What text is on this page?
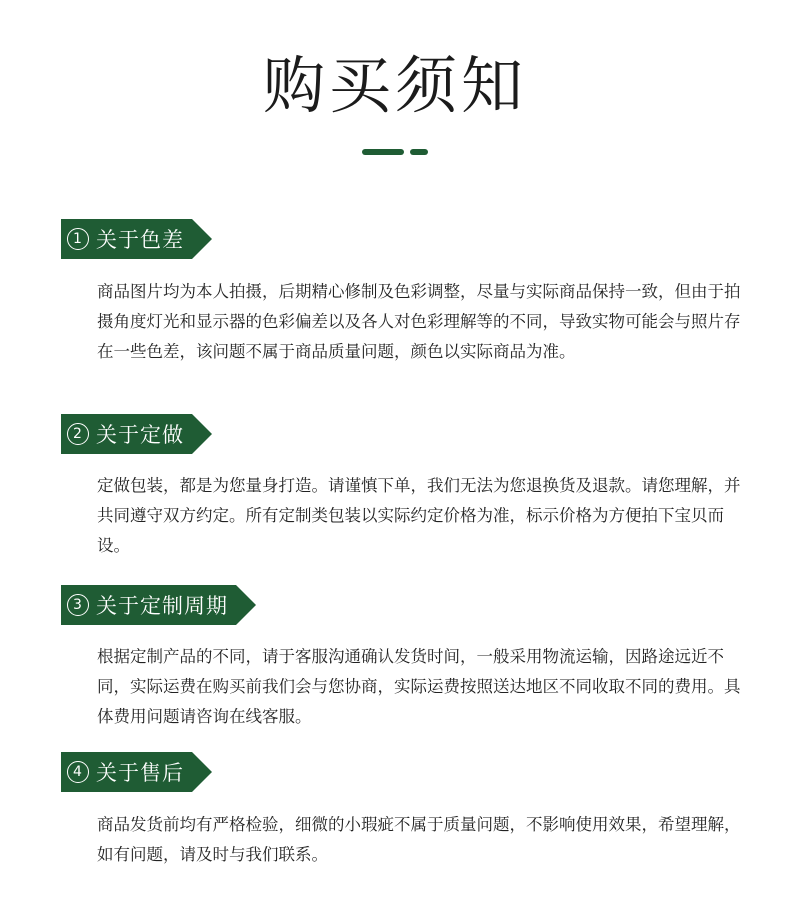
购买须知
1 关于色差

商品图片均为本人拍摄，后期精心修制及色彩调整，尽量与实际商品保持一致，但由于拍摄角度灯光和显示器的色彩偏差以及各人对色彩理解等的不同，导致实物可能会与照片存在一些色差，该问题不属于商品质量问题，颜色以实际商品为准。

2 关于定做

定做包装，都是为您量身打造。请谨慎下单，我们无法为您退换货及退款。请您理解，并共同遵守双方约定。所有定制类包装以实际约定价格为准，标示价格为方便拍下宝贝而设。

3 关于定制周期

根据定制产品的不同，请于客服沟通确认发货时间，一般采用物流运输，因路途远近不同，实际运费在购买前我们会与您协商，实际运费按照送达地区不同收取不同的费用。具体费用问题请咨询在线客服。

4 关于售后

商品发货前均有严格检验，细微的小瑕疵不属于质量问题，不影响使用效果，希望理解，如有问题，请及时与我们联系。
